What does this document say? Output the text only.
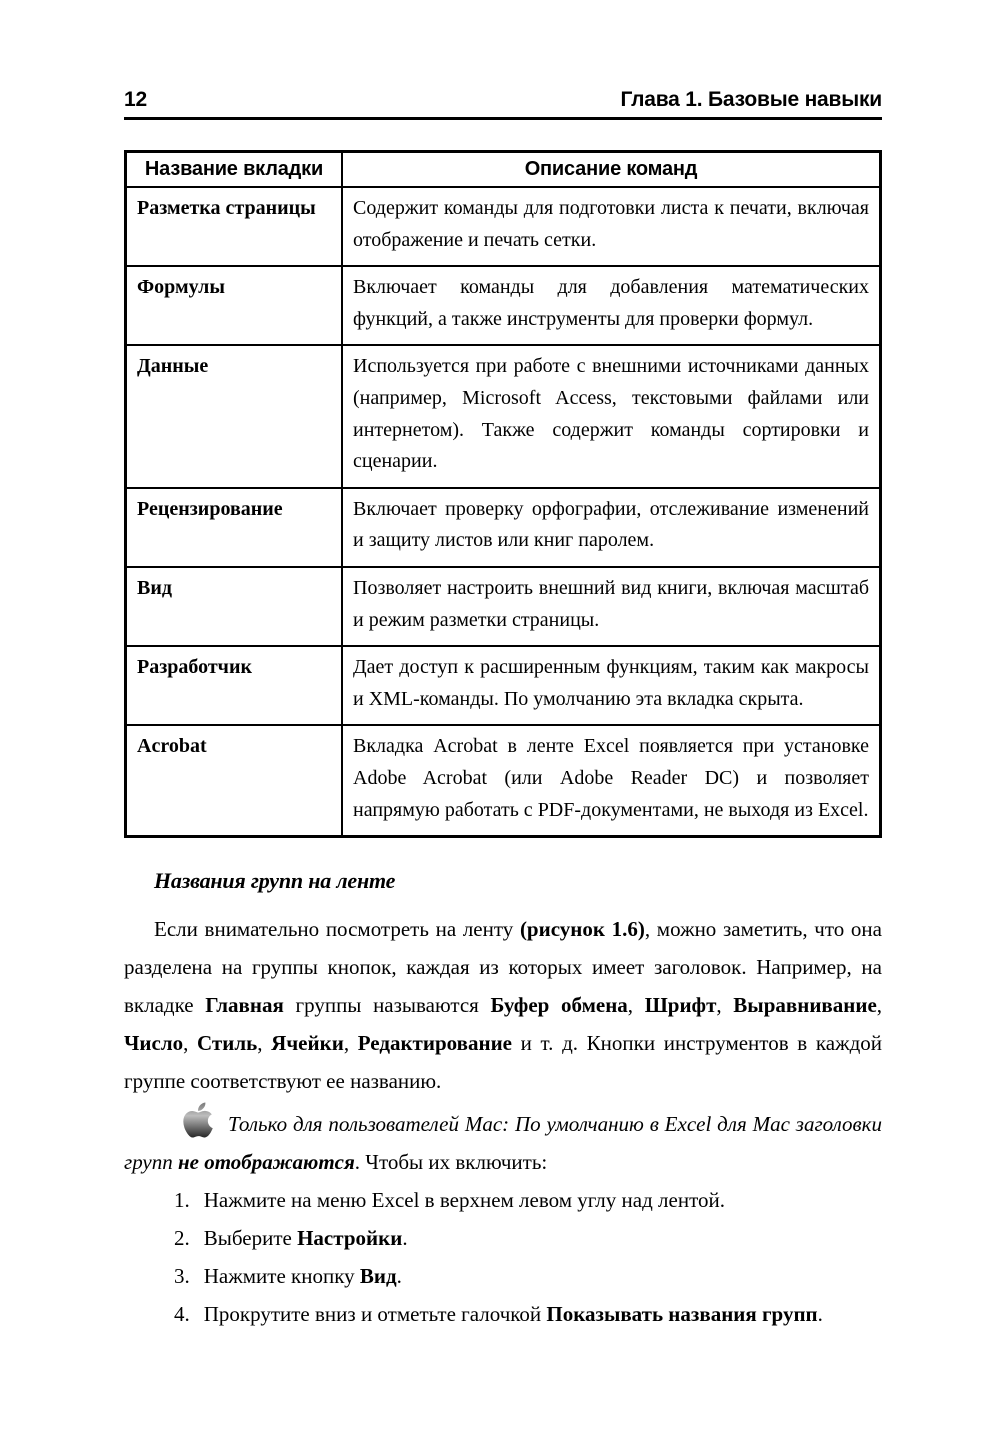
12	Глава 1. Базовые навыки
Название вкладки	Описание команд
Разметка страницы	Содержит команды для подготовки листа к печати, включая отображение и печать сетки.
Формулы	Включает команды для добавления математических функций, а также инструменты для проверки формул.
Данные	Используется при работе с внешними источниками данных (например, Microsoft Access, текстовыми файлами или интернетом). Также содержит команды сортировки и сценарии.
Рецензирование	Включает проверку орфографии, отслеживание изменений и защиту листов или книг паролем.
Вид	Позволяет настроить внешний вид книги, включая масштаб и режим разметки страницы.
Разработчик	Дает доступ к расширенным функциям, таким как макросы и XML-команды. По умолчанию эта вкладка скрыта.
Acrobat	Вкладка Acrobat в ленте Excel появляется при установке Adobe Acrobat (или Adobe Reader DC) и позволяет напрямую работать с PDF-документами, не выходя из Excel.
Названия групп на ленте

Если внимательно посмотреть на ленту (рисунок 1.6), можно заметить, что она разделена на группы кнопок, каждая из которых имеет заголовок. Например, на вкладке Главная группы называются Буфер обмена, Шрифт, Выравнивание, Число, Стиль, Ячейки, Редактирование и т. д. Кнопки инструментов в каждой группе соответствуют ее названию.

Только для пользователей Mac: По умолчанию в Excel для Mac заголовки групп не отображаются. Чтобы их включить:

1. Нажмите на меню Excel в верхнем левом углу над лентой.

2. Выберите Настройки.

3. Нажмите кнопку Вид.

4. Прокрутите вниз и отметьте галочкой Показывать названия групп.
